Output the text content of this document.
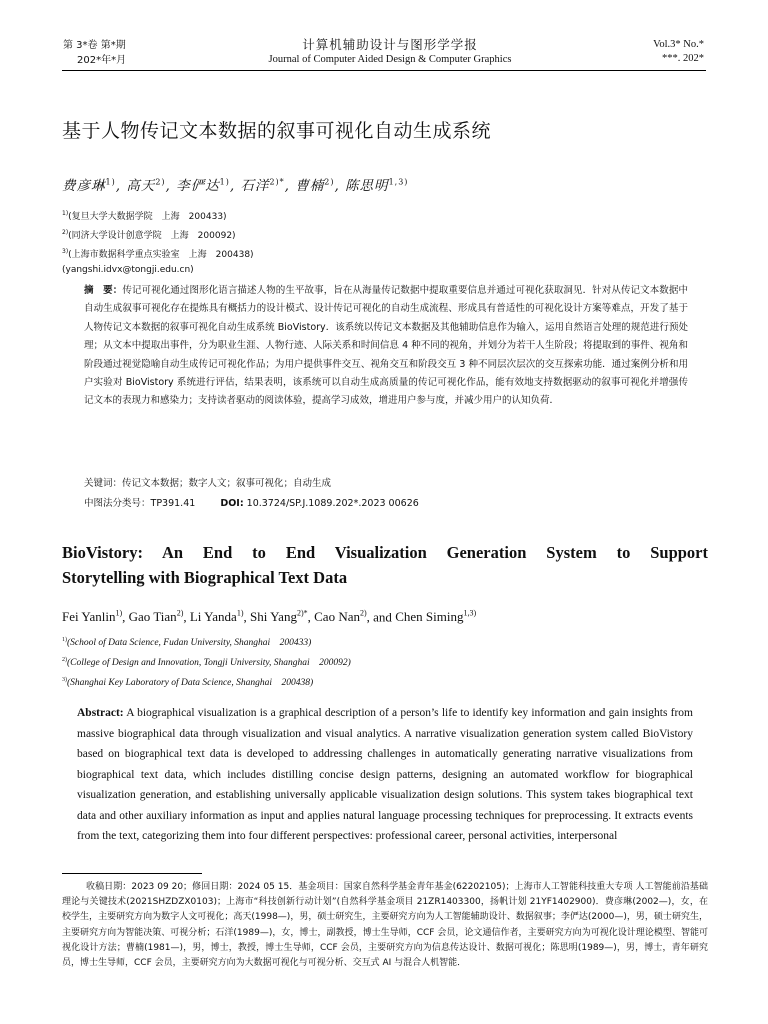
第 3*卷 第*期
202*年*月
计算机辅助设计与图形学学报
Journal of Computer Aided Design & Computer Graphics
Vol.3* No.*
***. 202*
基于人物传记文本数据的叙事可视化自动生成系统
费彦琳$^{1)}$, 高天$^{2)}$, 李俨达$^{1)}$, 石洋$^{2)*}$, 曹楠$^{2)}$, 陈思明$^{1,3)}$
$^{1)}$(复旦大学大数据学院　上海　200433)
$^{2)}$(同济大学设计创意学院　上海　200092)
$^{3)}$(上海市数据科学重点实验室　上海　200438)
(yangshi.idvx@tongji.edu.cn)
摘　要：传记可视化通过图形化语言描述人物的生平故事，旨在从海量传记数据中提取重要信息并通过可视化获取洞见．针对从传记文本数据中自动生成叙事可视化存在提炼具有概括力的设计模式、设计传记可视化的自动生成流程、形成具有普适性的可视化设计方案等难点，开发了基于人物传记文本数据的叙事可视化自动生成系统 BioVistory．该系统以传记文本数据及其他辅助信息作为输入，运用自然语言处理的规范进行预处理；从文本中提取出事件，分为职业生涯、人物行迹、人际关系和时间信息 4 种不同的视角，并划分为若干人生阶段；将提取到的事件、视角和阶段通过视觉隐喻自动生成传记可视化作品；为用户提供事件交互、视角交互和阶段交互 3 种不同层次层次的交互探索功能．通过案例分析和用户实验对 BioVistory 系统进行评估，结果表明，该系统可以自动生成高质量的传记可视化作品，能有效地支持数据驱动的叙事可视化并增强传记文本的表现力和感染力；支持读者驱动的阅读体验，提高学习成效，增进用户参与度，并减少用户的认知负荷．
关键词：传记文本数据；数字人文；叙事可视化；自动生成
中图法分类号：TP391.41	DOI: 10.3724/SP.J.1089.202*.2023 00626
BioVistory: An End to End Visualization Generation System to Support
Storytelling with Biographical Text Data
Fei Yanlin$^{1)}$, Gao Tian$^{2)}$, Li Yanda$^{1)}$, Shi Yang$^{2)*}$, Cao Nan$^{2)}$, and Chen Siming$^{1,3)}$
$^{1)}$(School of Data Science, Fudan University, Shanghai　200433)
$^{2)}$(College of Design and Innovation, Tongji University, Shanghai　200092)
$^{3)}$(Shanghai Key Laboratory of Data Science, Shanghai　200438)
Abstract: A biographical visualization is a graphical description of a person’s life to identify key information and gain insights from massive biographical data through visualization and visual analytics. A narrative visualization generation system called BioVistory based on biographical text data is developed to addressing challenges in automatically generating narrative visualizations from biographical text data, which includes distilling concise design patterns, designing an automated workflow for biographical visualization generation, and establishing universally applicable visualization design solutions. This system takes biographical text data and other auxiliary information as input and applies natural language processing techniques for preprocessing. It extracts events from the text, categorizing them into four different perspectives: professional career, personal activities, interpersonal
收稿日期：2023 09 20；修回日期：2024 05 15．基金项目：国家自然科学基金青年基金(62202105)；上海市人工智能科技重大专项 人工智能前沿基础理论与关键技术(2021SHZDZX0103)；上海市“科技创新行动计划”(自然科学基金项目 21ZR1403300，扬帆计划 21YF1402900)．费彦琳(2002—)，女，在校学生，主要研究方向为数字人文可视化；高天(1998—)，男，硕士研究生，主要研究方向为人工智能辅助设计、数据叙事；李俨达(2000—)，男，硕士研究生，主要研究方向为智能决策、可视分析；石洋(1989—)，女，博士，副教授，博士生导师，CCF 会员，论文通信作者，主要研究方向为可视化设计理论模型、智能可视化设计方法；曹楠(1981—)，男，博士，教授，博士生导师，CCF 会员，主要研究方向为信息传达设计、数据可视化；陈思明(1989—)，男，博士，青年研究员，博士生导师，CCF 会员，主要研究方向为大数据可视化与可视分析、交互式 AI 与混合人机智能．
